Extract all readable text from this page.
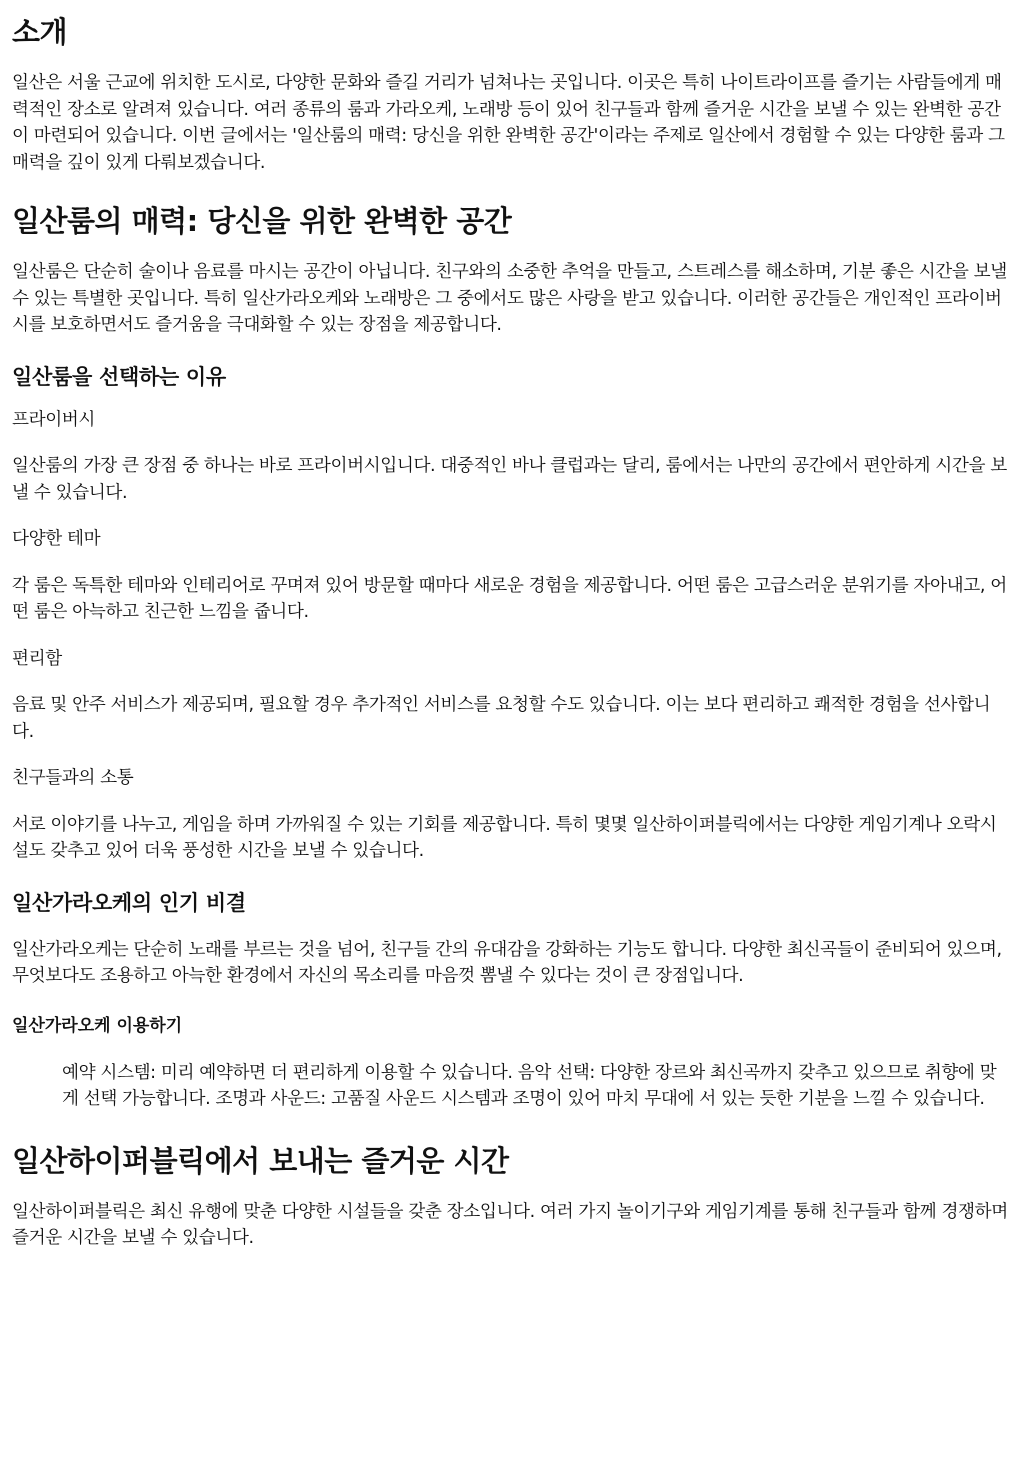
소개

일산은 서울 근교에 위치한 도시로, 다양한 문화와 즐길 거리가 넘쳐나는 곳입니다. 이곳은 특히 나이트라이프를 즐기는 사람들에게 매력적인 장소로 알려져 있습니다. 여러 종류의 룸과 가라오케, 노래방 등이 있어 친구들과 함께 즐거운 시간을 보낼 수 있는 완벽한 공간이 마련되어 있습니다. 이번 글에서는 '일산룸의 매력: 당신을 위한 완벽한 공간'이라는 주제로 일산에서 경험할 수 있는 다양한 룸과 그 매력을 깊이 있게 다뤄보겠습니다.

일산룸의 매력: 당신을 위한 완벽한 공간

일산룸은 단순히 술이나 음료를 마시는 공간이 아닙니다. 친구와의 소중한 추억을 만들고, 스트레스를 해소하며, 기분 좋은 시간을 보낼 수 있는 특별한 곳입니다. 특히 일산가라오케와 노래방은 그 중에서도 많은 사랑을 받고 있습니다. 이러한 공간들은 개인적인 프라이버시를 보호하면서도 즐거움을 극대화할 수 있는 장점을 제공합니다.

일산룸을 선택하는 이유

프라이버시

일산룸의 가장 큰 장점 중 하나는 바로 프라이버시입니다. 대중적인 바나 클럽과는 달리, 룸에서는 나만의 공간에서 편안하게 시간을 보낼 수 있습니다.

다양한 테마

각 룸은 독특한 테마와 인테리어로 꾸며져 있어 방문할 때마다 새로운 경험을 제공합니다. 어떤 룸은 고급스러운 분위기를 자아내고, 어떤 룸은 아늑하고 친근한 느낌을 줍니다.

편리함

음료 및 안주 서비스가 제공되며, 필요할 경우 추가적인 서비스를 요청할 수도 있습니다. 이는 보다 편리하고 쾌적한 경험을 선사합니다.

친구들과의 소통

서로 이야기를 나누고, 게임을 하며 가까워질 수 있는 기회를 제공합니다. 특히 몇몇 일산하이퍼블릭에서는 다양한 게임기계나 오락시설도 갖추고 있어 더욱 풍성한 시간을 보낼 수 있습니다.

일산가라오케의 인기 비결

일산가라오케는 단순히 노래를 부르는 것을 넘어, 친구들 간의 유대감을 강화하는 기능도 합니다. 다양한 최신곡들이 준비되어 있으며, 무엇보다도 조용하고 아늑한 환경에서 자신의 목소리를 마음껏 뽐낼 수 있다는 것이 큰 장점입니다.

일산가라오케 이용하기
예약 시스템: 미리 예약하면 더 편리하게 이용할 수 있습니다. 음악 선택: 다양한 장르와 최신곡까지 갖추고 있으므로 취향에 맞게 선택 가능합니다. 조명과 사운드: 고품질 사운드 시스템과 조명이 있어 마치 무대에 서 있는 듯한 기분을 느낄 수 있습니다.
일산하이퍼블릭에서 보내는 즐거운 시간

일산하이퍼블릭은 최신 유행에 맞춘 다양한 시설들을 갖춘 장소입니다. 여러 가지 놀이기구와 게임기계를 통해 친구들과 함께 경쟁하며 즐거운 시간을 보낼 수 있습니다.
